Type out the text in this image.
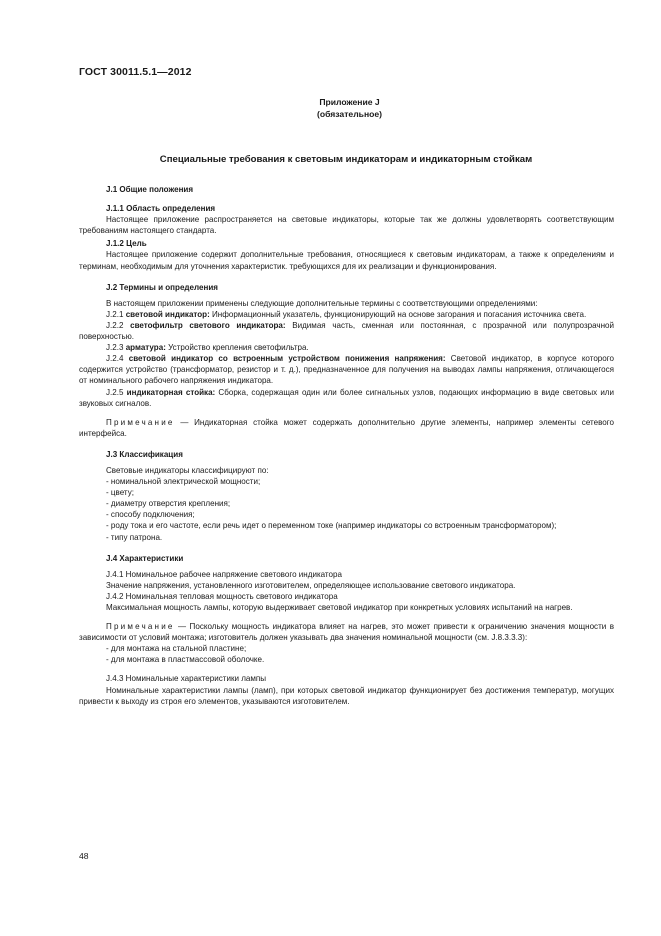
ГОСТ 30011.5.1—2012
Приложение J
(обязательное)
Специальные требования к световым индикаторам и индикаторным стойкам

J.1 Общие положения

J.1.1 Область определения

Настоящее приложение распространяется на световые индикаторы, которые так же должны удовлетворять соответствующим требованиям настоящего стандарта.

J.1.2 Цель

Настоящее приложение содержит дополнительные требования, относящиеся к световым индикаторам, а также к определениям и терминам, необходимым для уточнения характеристик. требующихся для их реализации и функционирования.

J.2 Термины и определения

В настоящем приложении применены следующие дополнительные термины с соответствующими определениями:

J.2.1 световой индикатор: Информационный указатель, функционирующий на основе загорания и погасания источника света.

J.2.2 светофильтр светового индикатора: Видимая часть, сменная или постоянная, с прозрачной или полупрозрачной поверхностью.

J.2.3 арматура: Устройство крепления светофильтра.

J.2.4 световой индикатор со встроенным устройством понижения напряжения: Световой индикатор, в корпусе которого содержится устройство (трансформатор, резистор и т. д.), предназначенное для получения на выводах лампы напряжения, отличающегося от номинального рабочего напряжения индикатора.

J.2.5 индикаторная стойка: Сборка, содержащая один или более сигнальных узлов, подающих информацию в виде световых или звуковых сигналов.

Примечание — Индикаторная стойка может содержать дополнительно другие элементы, например элементы сетевого интерфейса.

J.3 Классификация

Световые индикаторы классифицируют по:

- номинальной электрической мощности;

- цвету;

- диаметру отверстия крепления;

- способу подключения;

- роду тока и его частоте, если речь идет о переменном токе (например индикаторы со встроенным трансформатором);

- типу патрона.

J.4 Характеристики

J.4.1 Номинальное рабочее напряжение светового индикатора

Значение напряжения, установленного изготовителем, определяющее использование светового индикатора.

J.4.2 Номинальная тепловая мощность светового индикатора

Максимальная мощность лампы, которую выдерживает световой индикатор при конкретных условиях испытаний на нагрев.

Примечание — Поскольку мощность индикатора влияет на нагрев, это может привести к ограничению значения мощности в зависимости от условий монтажа; изготовитель должен указывать два значения номинальной мощности (см. J.8.3.3.3):

- для монтажа на стальной пластине;

- для монтажа в пластмассовой оболочке.

J.4.3 Номинальные характеристики лампы

Номинальные характеристики лампы (ламп), при которых световой индикатор функционирует без достижения температур, могущих привести к выходу из строя его элементов, указываются изготовителем.

48
